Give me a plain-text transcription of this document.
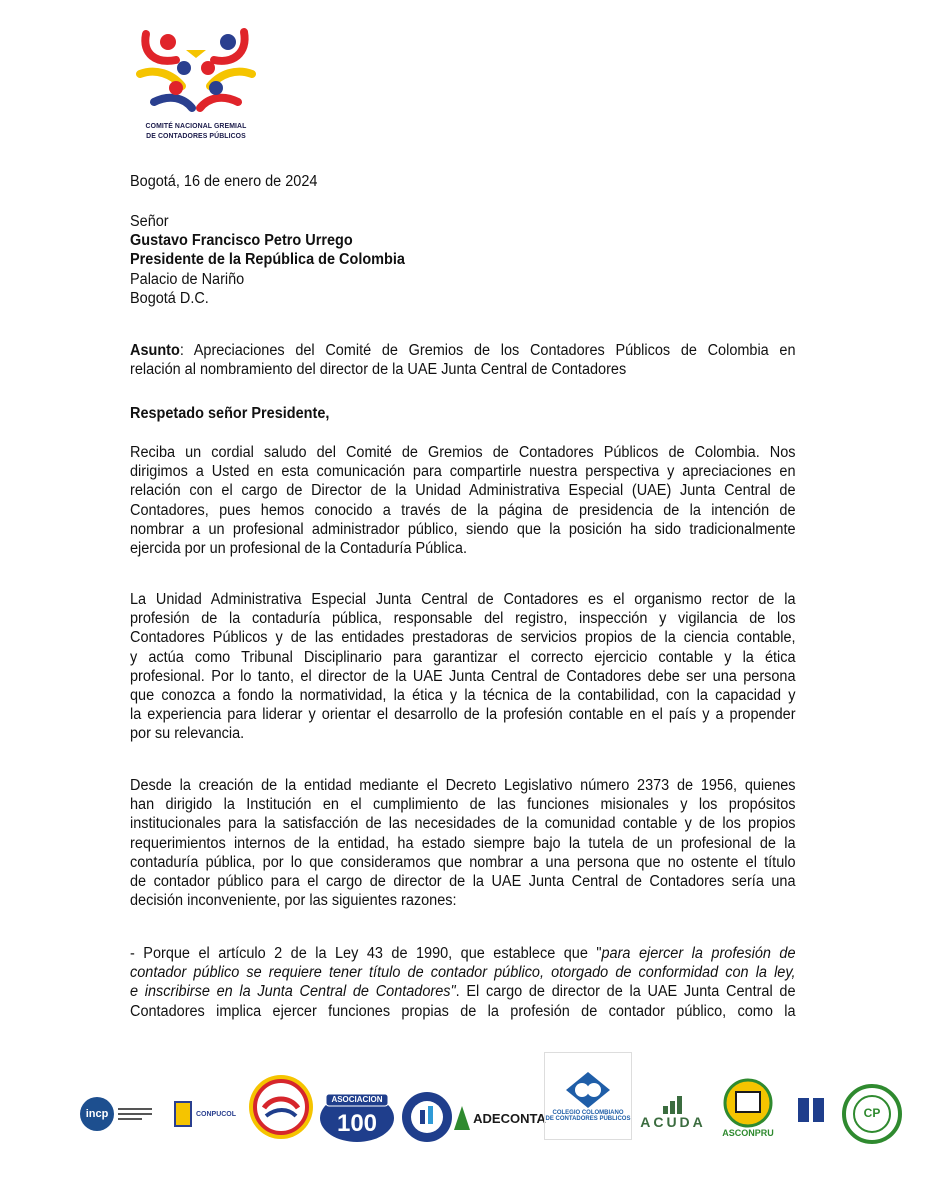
COMITÉ NACIONAL GREMIAL
DE CONTADORES PÚBLICOS
Bogotá, 16 de enero de 2024
Señor
Gustavo Francisco Petro Urrego
Presidente de la República de Colombia
Palacio de Nariño
Bogotá D.C.
Asunto: Apreciaciones del Comité de Gremios de los Contadores Públicos de Colombia en
relación al nombramiento del director de la UAE Junta Central de Contadores
Respetado señor Presidente,
Reciba un cordial saludo del Comité de Gremios de Contadores Públicos de Colombia. Nos
dirigimos a Usted en esta comunicación para compartirle nuestra perspectiva y apreciaciones en
relación con el cargo de Director de la Unidad Administrativa Especial (UAE) Junta Central de
Contadores, pues hemos conocido a través de la página de presidencia de la intención de
nombrar a un profesional administrador público, siendo que la posición ha sido tradicionalmente
ejercida por un profesional de la Contaduría Pública.
La Unidad Administrativa Especial Junta Central de Contadores es el organismo rector de la
profesión de la contaduría pública, responsable del registro, inspección y vigilancia de los
Contadores Públicos y de las entidades prestadoras de servicios propios de la ciencia contable,
y actúa como Tribunal Disciplinario para garantizar el correcto ejercicio contable y la ética
profesional. Por lo tanto, el director de la UAE Junta Central de Contadores debe ser una persona
que conozca a fondo la normatividad, la ética y la técnica de la contabilidad, con la capacidad y
la experiencia para liderar y orientar el desarrollo de la profesión contable en el país y a propender
por su relevancia.
Desde la creación de la entidad mediante el Decreto Legislativo número 2373 de 1956, quienes
han dirigido la Institución en el cumplimiento de las funciones misionales y los propósitos
institucionales para la satisfacción de las necesidades de la comunidad contable y de los propios
requerimientos internos de la entidad, ha estado siempre bajo la tutela de un profesional de la
contaduría pública, por lo que consideramos que nombrar a una persona que no ostente el título
de contador público para el cargo de director de la UAE Junta Central de Contadores sería una
decisión inconveniente, por las siguientes razones:
- Porque el artículo 2 de la Ley 43 de 1990, que establece que "para ejercer la profesión de
contador público se requiere tener título de contador público, otorgado de conformidad con la ley,
e inscribirse en la Junta Central de Contadores". El cargo de director de la UAE Junta Central de
Contadores implica ejercer funciones propias de la profesión de contador público, como la
incp	CONPUCOL
ASOCIACION
100	ADECONTA COLEGIO COLOMBIANO
DE CONTADORES PÚBLICOS ACUDA
ASCONPRU
CP
